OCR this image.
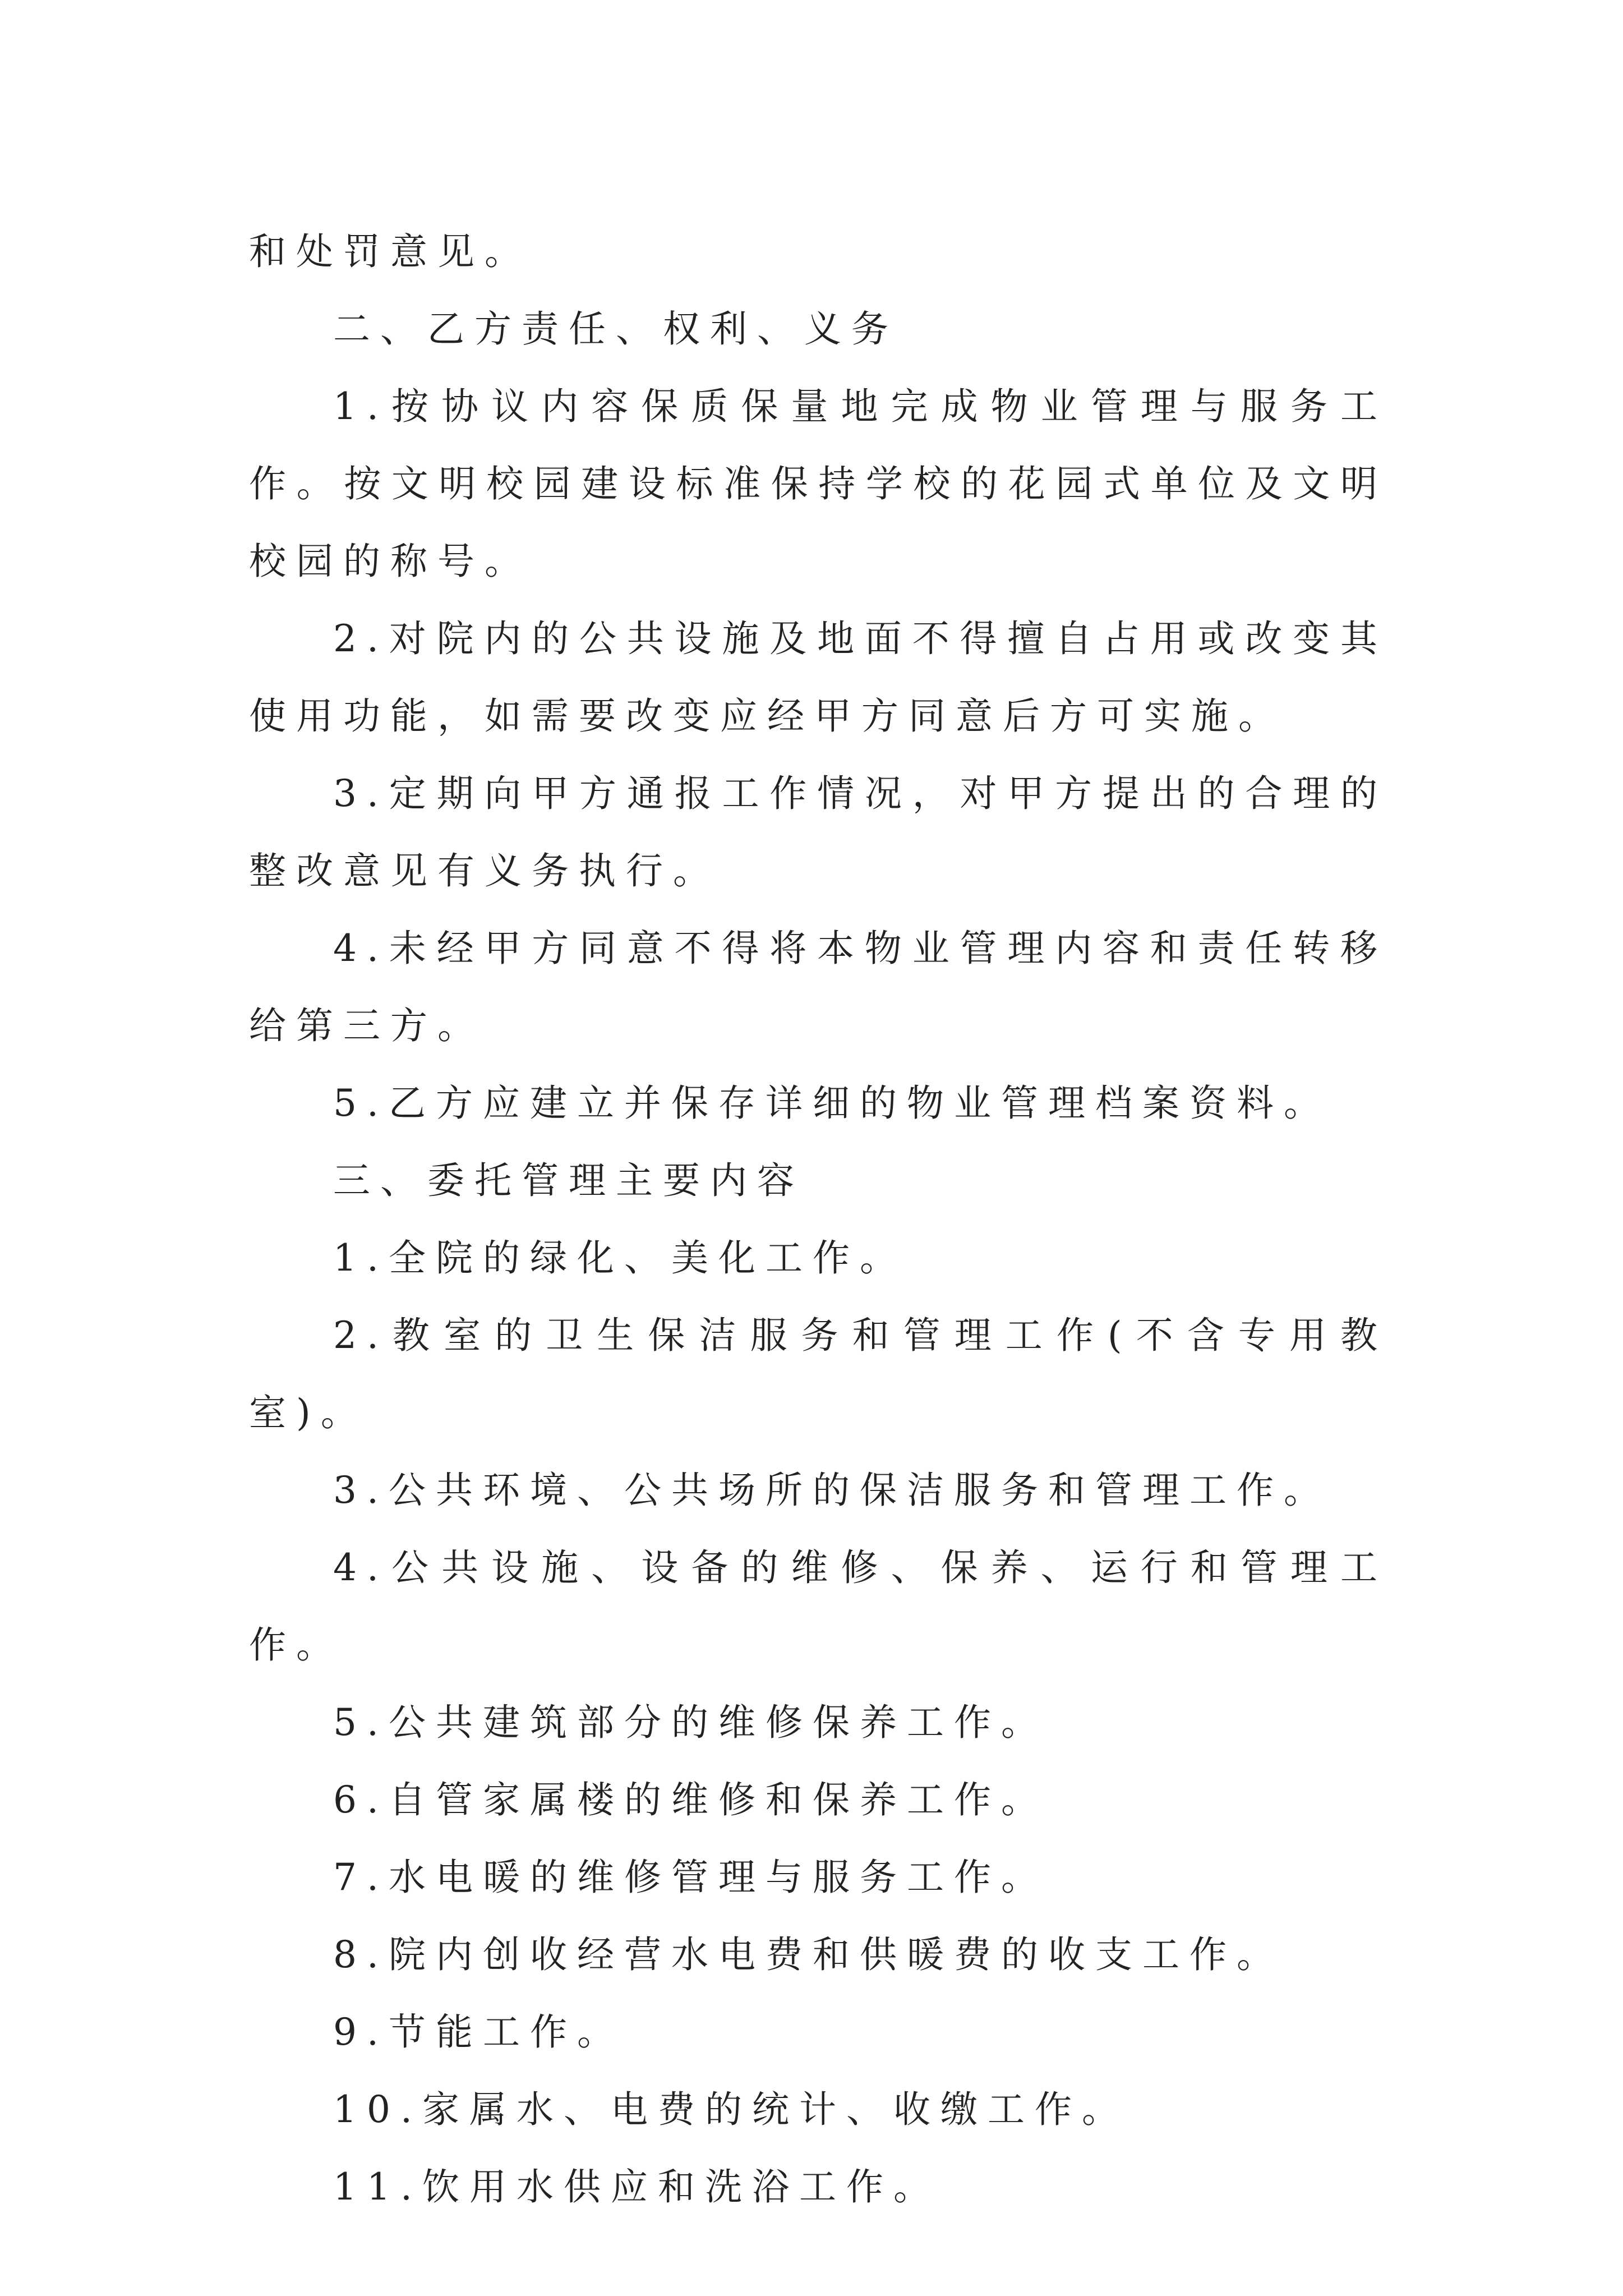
和处罚意见。

二、乙方责任、权利、义务

1.按协议内容保质保量地完成物业管理与服务工作。按文明校园建设标准保持学校的花园式单位及文明校园的称号。

2.对院内的公共设施及地面不得擅自占用或改变其使用功能，如需要改变应经甲方同意后方可实施。

3.定期向甲方通报工作情况，对甲方提出的合理的整改意见有义务执行。

4.未经甲方同意不得将本物业管理内容和责任转移给第三方。

5.乙方应建立并保存详细的物业管理档案资料。

三、委托管理主要内容

1.全院的绿化、美化工作。

2.教室的卫生保洁服务和管理工作(不含专用教室)。

3.公共环境、公共场所的保洁服务和管理工作。

4.公共设施、设备的维修、保养、运行和管理工作。

5.公共建筑部分的维修保养工作。

6.自管家属楼的维修和保养工作。

7.水电暖的维修管理与服务工作。

8.院内创收经营水电费和供暖费的收支工作。

9.节能工作。

10.家属水、电费的统计、收缴工作。

11.饮用水供应和洗浴工作。
